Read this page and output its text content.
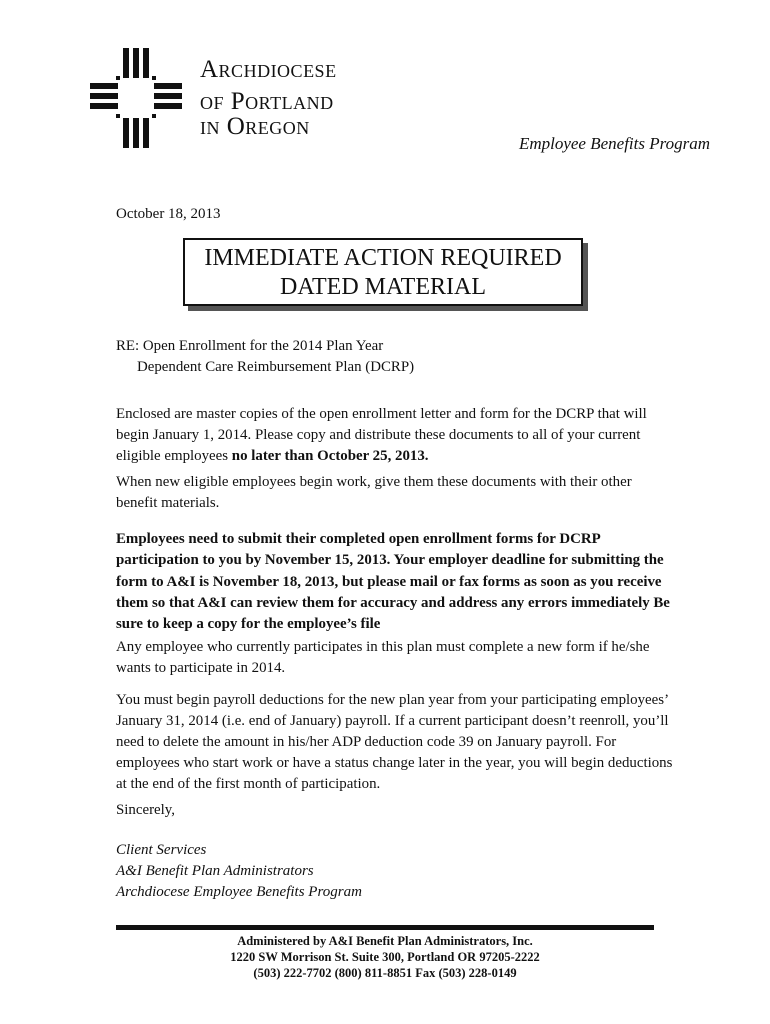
Archdiocese
of Portland
in Oregon
Employee Benefits Program
October 18, 2013
IMMEDIATE ACTION REQUIRED
DATED MATERIAL
RE: Open Enrollment for the 2014 Plan Year
Dependent Care Reimbursement Plan (DCRP)
Enclosed are master copies of the open enrollment letter and form for the DCRP that will begin January 1, 2014. Please copy and distribute these documents to all of your current eligible employees no later than October 25, 2013.
When new eligible employees begin work, give them these documents with their other benefit materials.
Employees need to submit their completed open enrollment forms for DCRP participation to you by November 15, 2013. Your employer deadline for submitting the form to A&I is November 18, 2013, but please mail or fax forms as soon as you receive them so that A&I can review them for accuracy and address any errors immediately Be sure to keep a copy for the employee’s file
Any employee who currently participates in this plan must complete a new form if he/she wants to participate in 2014.
You must begin payroll deductions for the new plan year from your participating employees’ January 31, 2014 (i.e. end of January) payroll. If a current participant doesn’t reenroll, you’ll need to delete the amount in his/her ADP deduction code 39 on January payroll. For employees who start work or have a status change later in the year, you will begin deductions at the end of the first month of participation.
Sincerely,
Client Services
A&I Benefit Plan Administrators
Archdiocese Employee Benefits Program
Administered by A&I Benefit Plan Administrators, Inc.
1220 SW Morrison St. Suite 300, Portland OR 97205-2222
(503) 222-7702 (800) 811-8851 Fax (503) 228-0149
